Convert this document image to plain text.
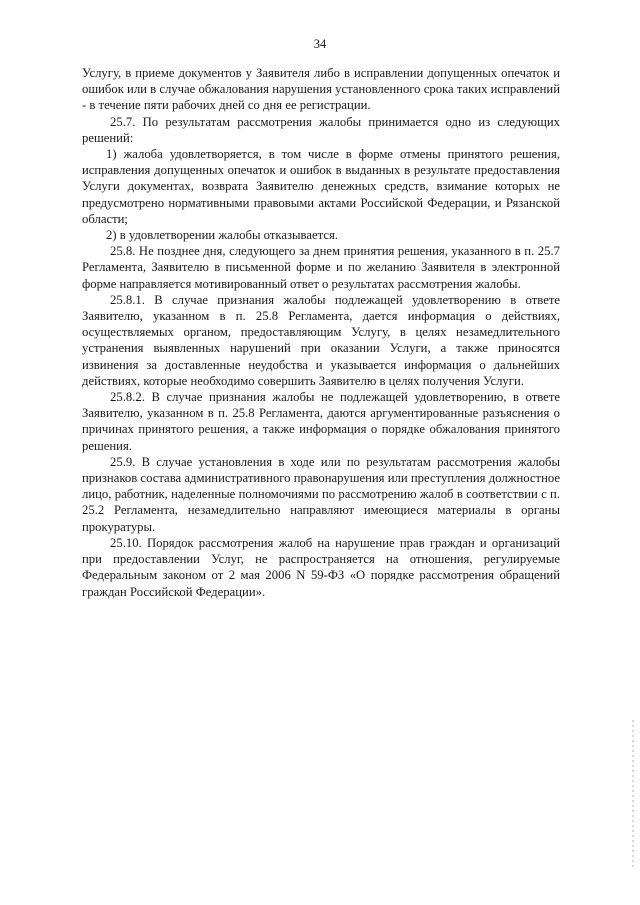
34

Услугу, в приеме документов у Заявителя либо в исправлении допущенных опечаток и ошибок или в случае обжалования нарушения установленного срока таких исправлений - в течение пяти рабочих дней со дня ее регистрации.

25.7. По результатам рассмотрения жалобы принимается одно из следующих решений:

1) жалоба удовлетворяется, в том числе в форме отмены принятого решения, исправления допущенных опечаток и ошибок в выданных в результате предоставления Услуги документах, возврата Заявителю денежных средств, взимание которых не предусмотрено нормативными правовыми актами Российской Федерации, и Рязанской области;

2) в удовлетворении жалобы отказывается.

25.8. Не позднее дня, следующего за днем принятия решения, указанного в п. 25.7 Регламента, Заявителю в письменной форме и по желанию Заявителя в электронной форме направляется мотивированный ответ о результатах рассмотрения жалобы.

25.8.1. В случае признания жалобы подлежащей удовлетворению в ответе Заявителю, указанном в п. 25.8 Регламента, дается информация о действиях, осуществляемых органом, предоставляющим Услугу, в целях незамедлительного устранения выявленных нарушений при оказании Услуги, а также приносятся извинения за доставленные неудобства и указывается информация о дальнейших действиях, которые необходимо совершить Заявителю в целях получения Услуги.

25.8.2. В случае признания жалобы не подлежащей удовлетворению, в ответе Заявителю, указанном в п. 25.8 Регламента, даются аргументированные разъяснения о причинах принятого решения, а также информация о порядке обжалования принятого решения.

25.9. В случае установления в ходе или по результатам рассмотрения жалобы признаков состава административного правонарушения или преступления должностное лицо, работник, наделенные полномочиями по рассмотрению жалоб в соответствии с п. 25.2 Регламента, незамедлительно направляют имеющиеся материалы в органы прокуратуры.

25.10. Порядок рассмотрения жалоб на нарушение прав граждан и организаций при предоставлении Услуг, не распространяется на отношения, регулируемые Федеральным законом от 2 мая 2006 N 59-ФЗ «О порядке рассмотрения обращений граждан Российской Федерации».
